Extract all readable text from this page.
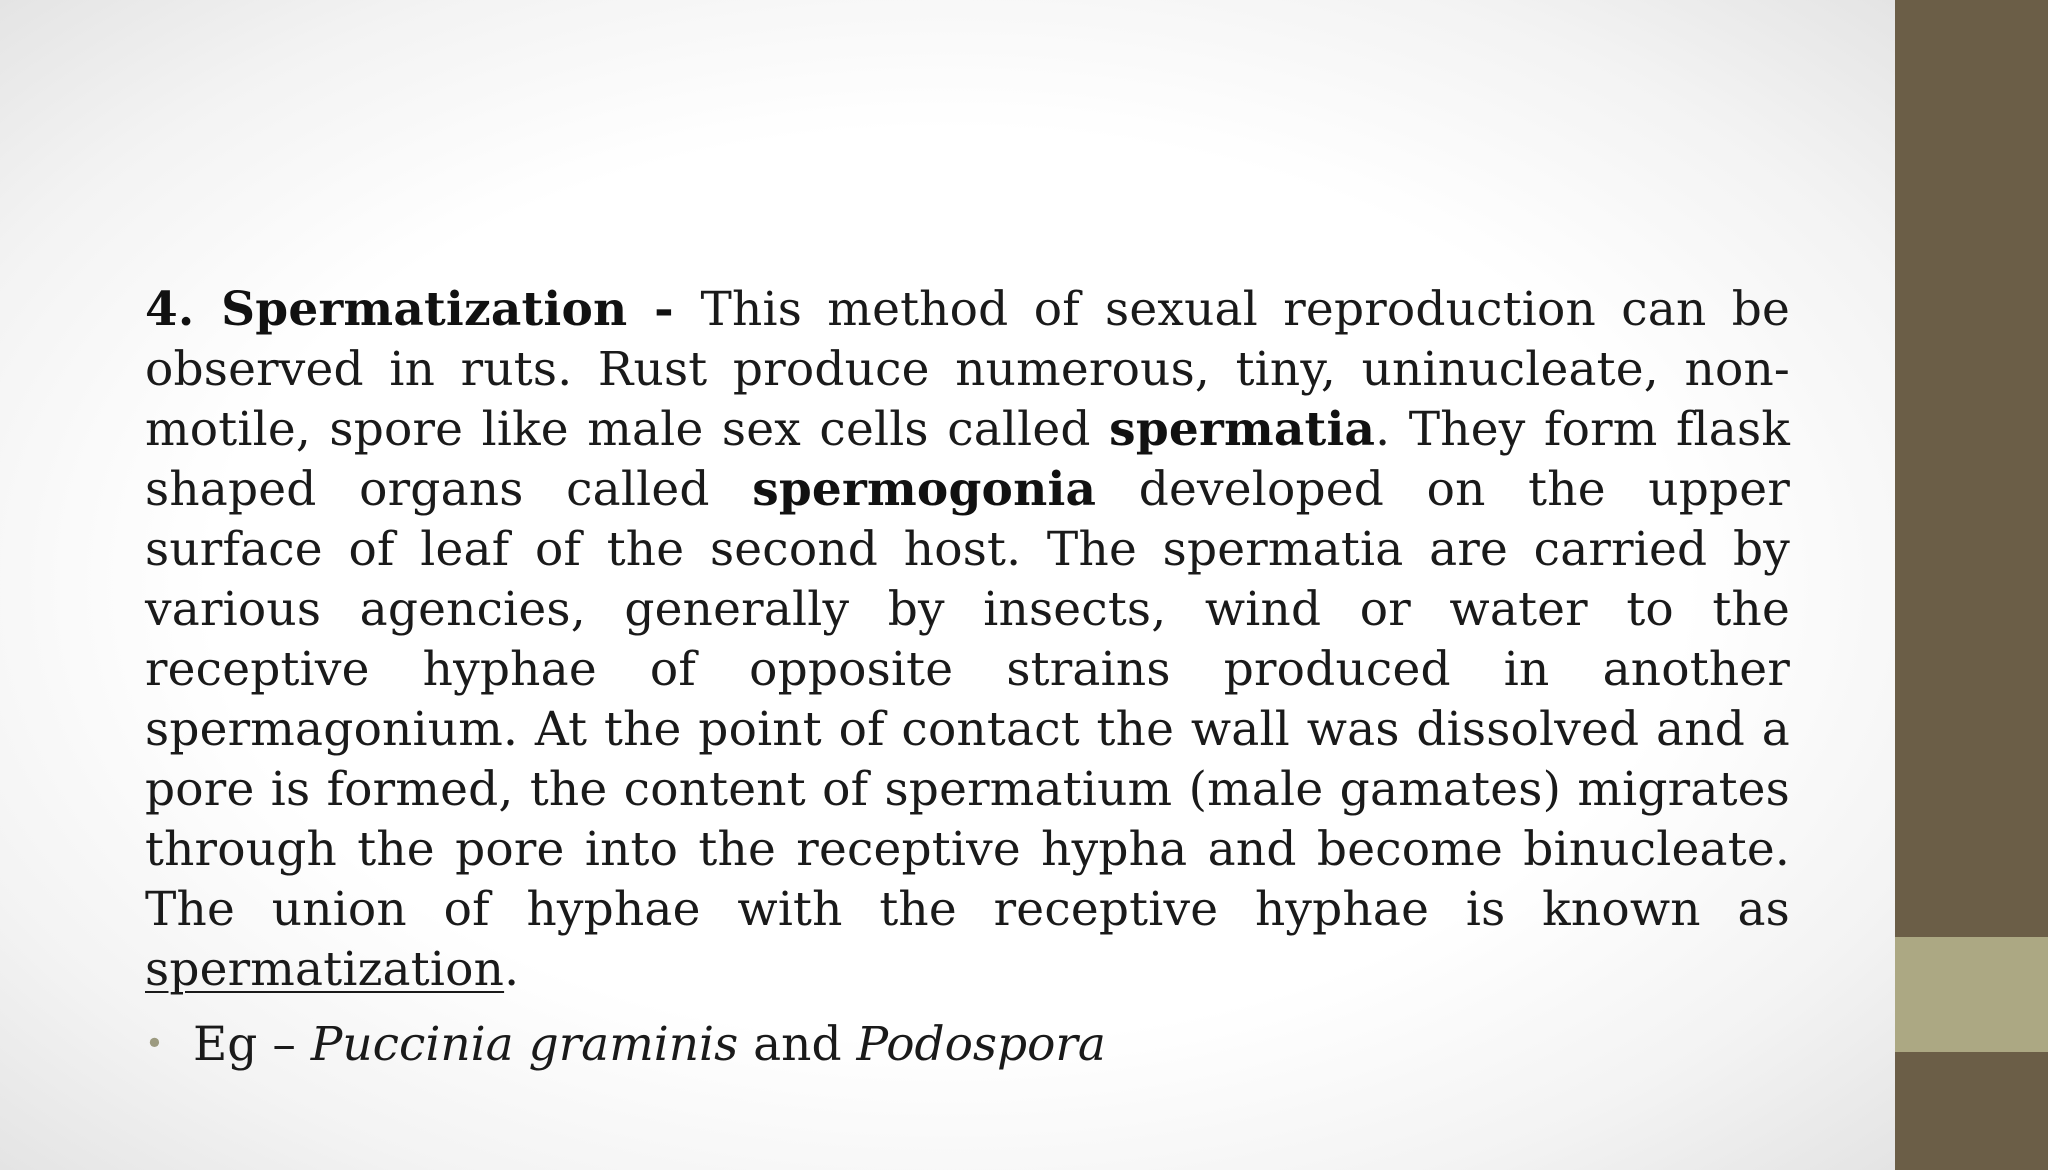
4. Spermatization - This method of sexual reproduction can be observed in ruts. Rust produce numerous, tiny, uninucleate, non-motile, spore like male sex cells called spermatia. They form flask shaped organs called spermogonia developed on the upper surface of leaf of the second host. The spermatia are carried by various agencies, generally by insects, wind or water to the receptive hyphae of opposite strains produced in another spermagonium. At the point of contact the wall was dissolved and a pore is formed, the content of spermatium (male gamates) migrates through the pore into the receptive hypha and become binucleate. The union of hyphae with the receptive hyphae is known as spermatization.

• Eg – Puccinia graminis and Podospora
